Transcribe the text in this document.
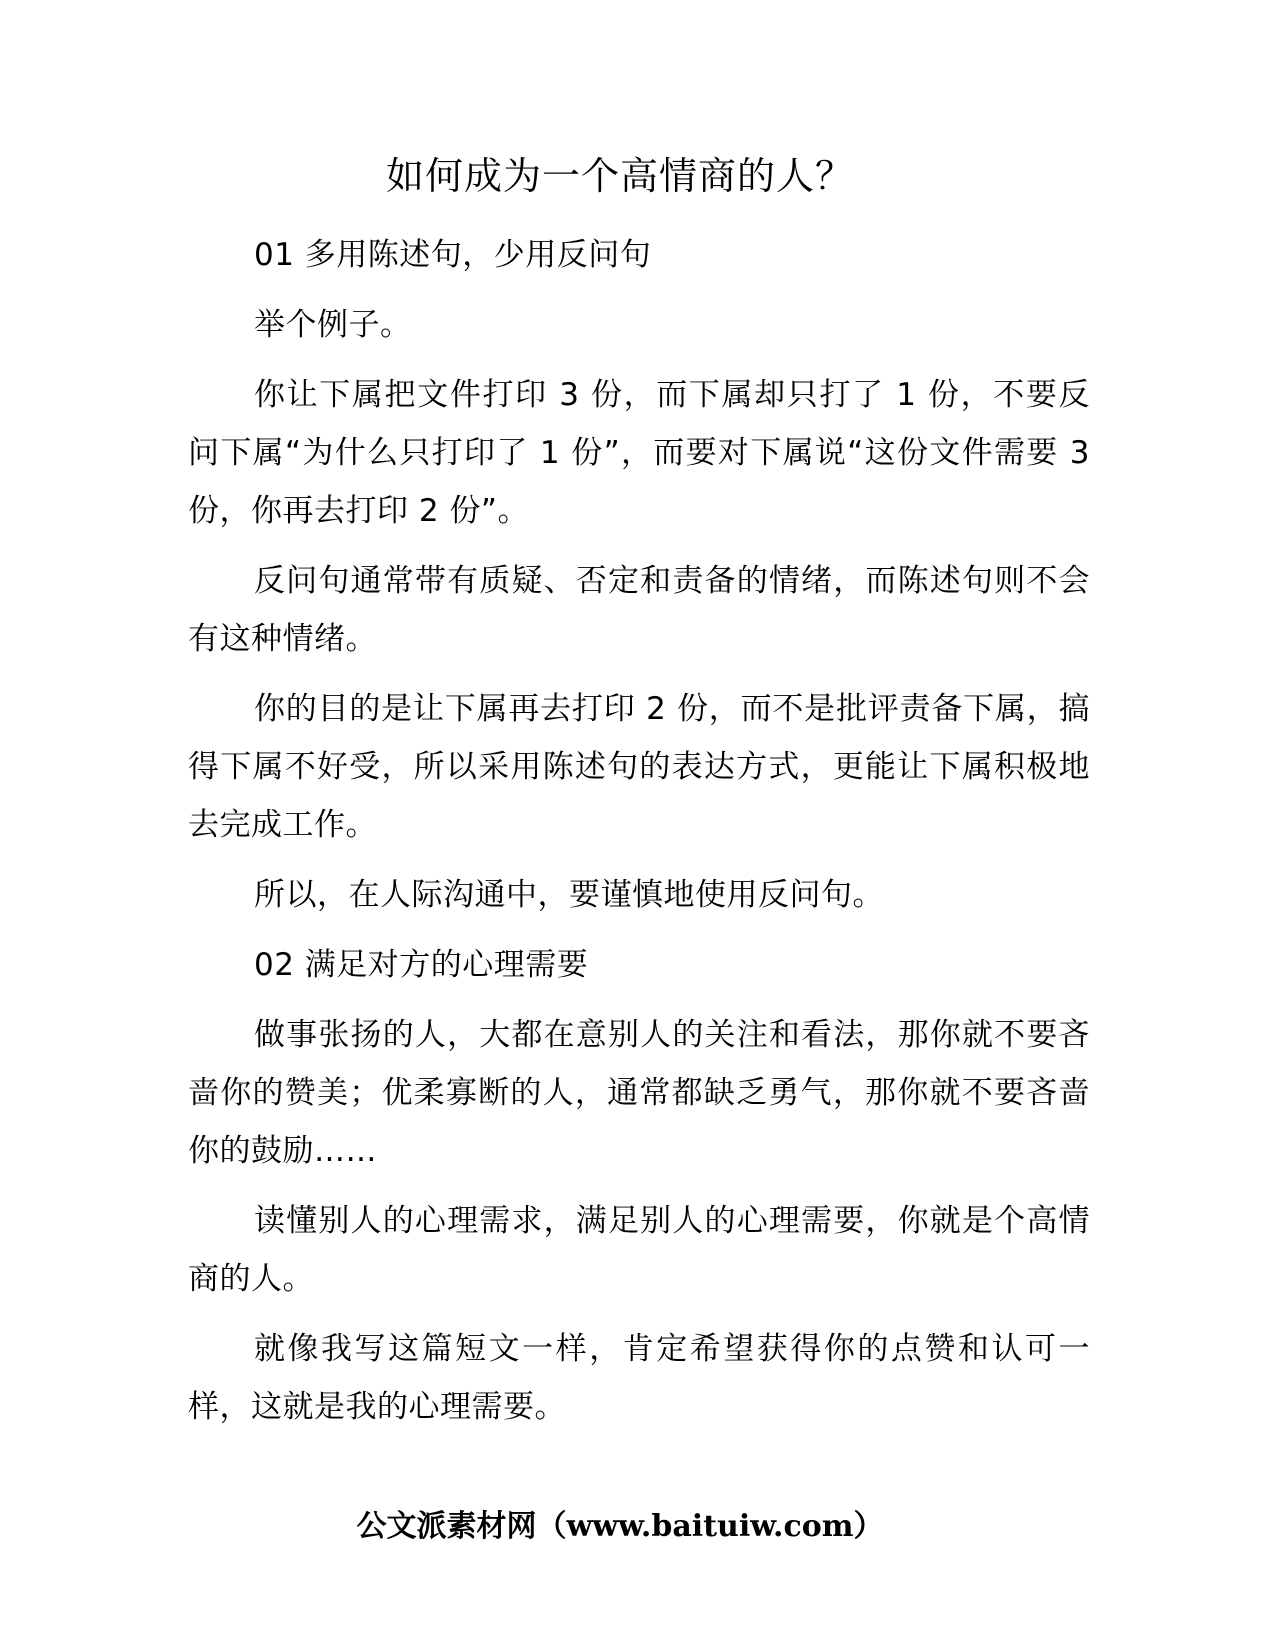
如何成为一个高情商的人？

01 多用陈述句，少用反问句

举个例子。

你让下属把文件打印 3 份，而下属却只打了 1 份，不要反问下属“为什么只打印了 1 份”，而要对下属说“这份文件需要 3 份，你再去打印 2 份”。

反问句通常带有质疑、否定和责备的情绪，而陈述句则不会有这种情绪。

你的目的是让下属再去打印 2 份，而不是批评责备下属，搞得下属不好受，所以采用陈述句的表达方式，更能让下属积极地去完成工作。

所以，在人际沟通中，要谨慎地使用反问句。

02 满足对方的心理需要

做事张扬的人，大都在意别人的关注和看法，那你就不要吝啬你的赞美；优柔寡断的人，通常都缺乏勇气，那你就不要吝啬你的鼓励……

读懂别人的心理需求，满足别人的心理需要，你就是个高情商的人。

就像我写这篇短文一样，肯定希望获得你的点赞和认可一样，这就是我的心理需要。

公文派素材网（www.baituiw.com）
